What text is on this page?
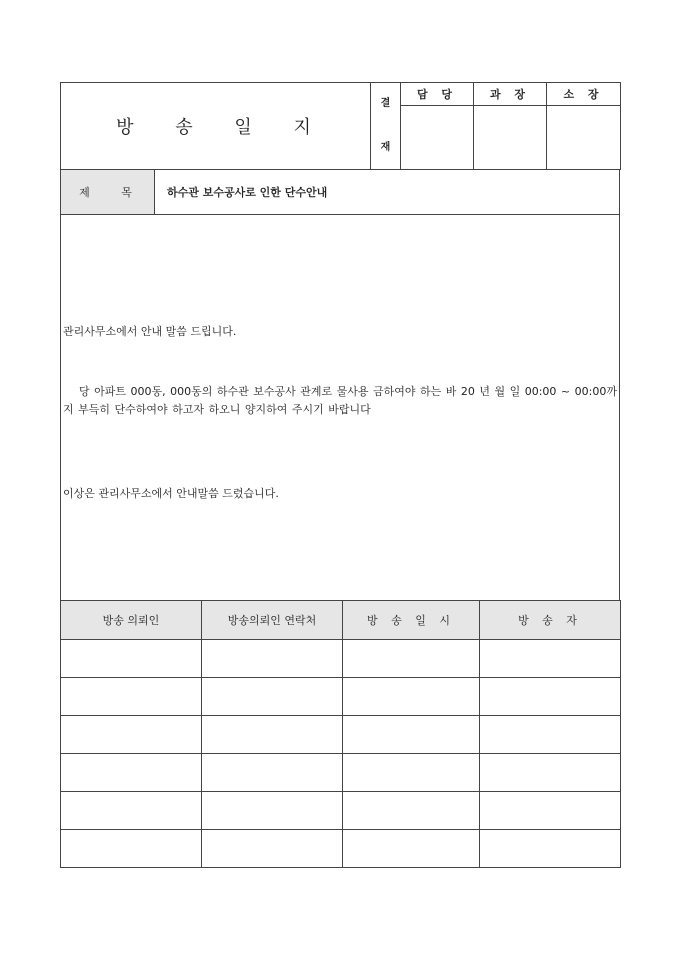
방 송 일 지	결
재	담 당	과 장	소 장

제 목	하수관 보수공사로 인한 단수안내
관리사무소에서 안내 말씀 드립니다.
당 아파트 000동, 000동의 하수관 보수공사 관계로 물사용 금하여야 하는 바 20 년 월 일 00:00 ~ 00:00까지 부득히 단수하여야 하고자 하오니 양지하여 주시기 바랍니다
이상은 관리사무소에서 안내말씀 드렸습니다.
방송 의뢰인	방송의뢰인 연락처	방 송 일 시	방 송 자
